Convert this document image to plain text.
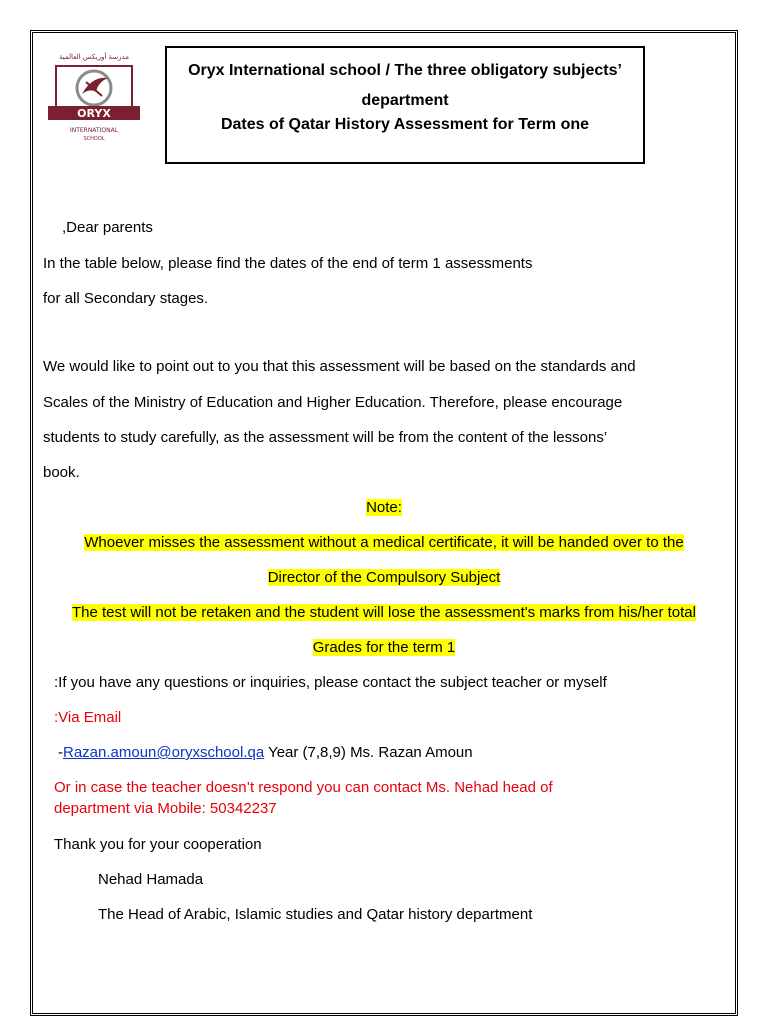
مدرسة أوريكس العالمية
ORYX
INTERNATIONAL
SCHOOL
Oryx International school / The three obligatory subjects’ department
Dates of Qatar History Assessment for Term one
,Dear parents
In the table below, please find the dates of the end of term 1 assessments
for all Secondary stages.
We would like to point out to you that this assessment will be based on the standards and
Scales of the Ministry of Education and Higher Education. Therefore, please encourage
students to study carefully, as the assessment will be from the content of the lessons’
book.
Note:
Whoever misses the assessment without a medical certificate, it will be handed over to the
Director of the Compulsory Subject
The test will not be retaken and the student will lose the assessment's marks from his/her total
Grades for the term 1
:If you have any questions or inquiries, please contact the subject teacher or myself
:Via Email
-Razan.amoun@oryxschool.qa Year (7,8,9) Ms. Razan Amoun
Or in case the teacher doesn’t respond you can contact Ms. Nehad head of
department via Mobile: 50342237
Thank you for your cooperation
Nehad Hamada
The Head of Arabic, Islamic studies and Qatar history department
